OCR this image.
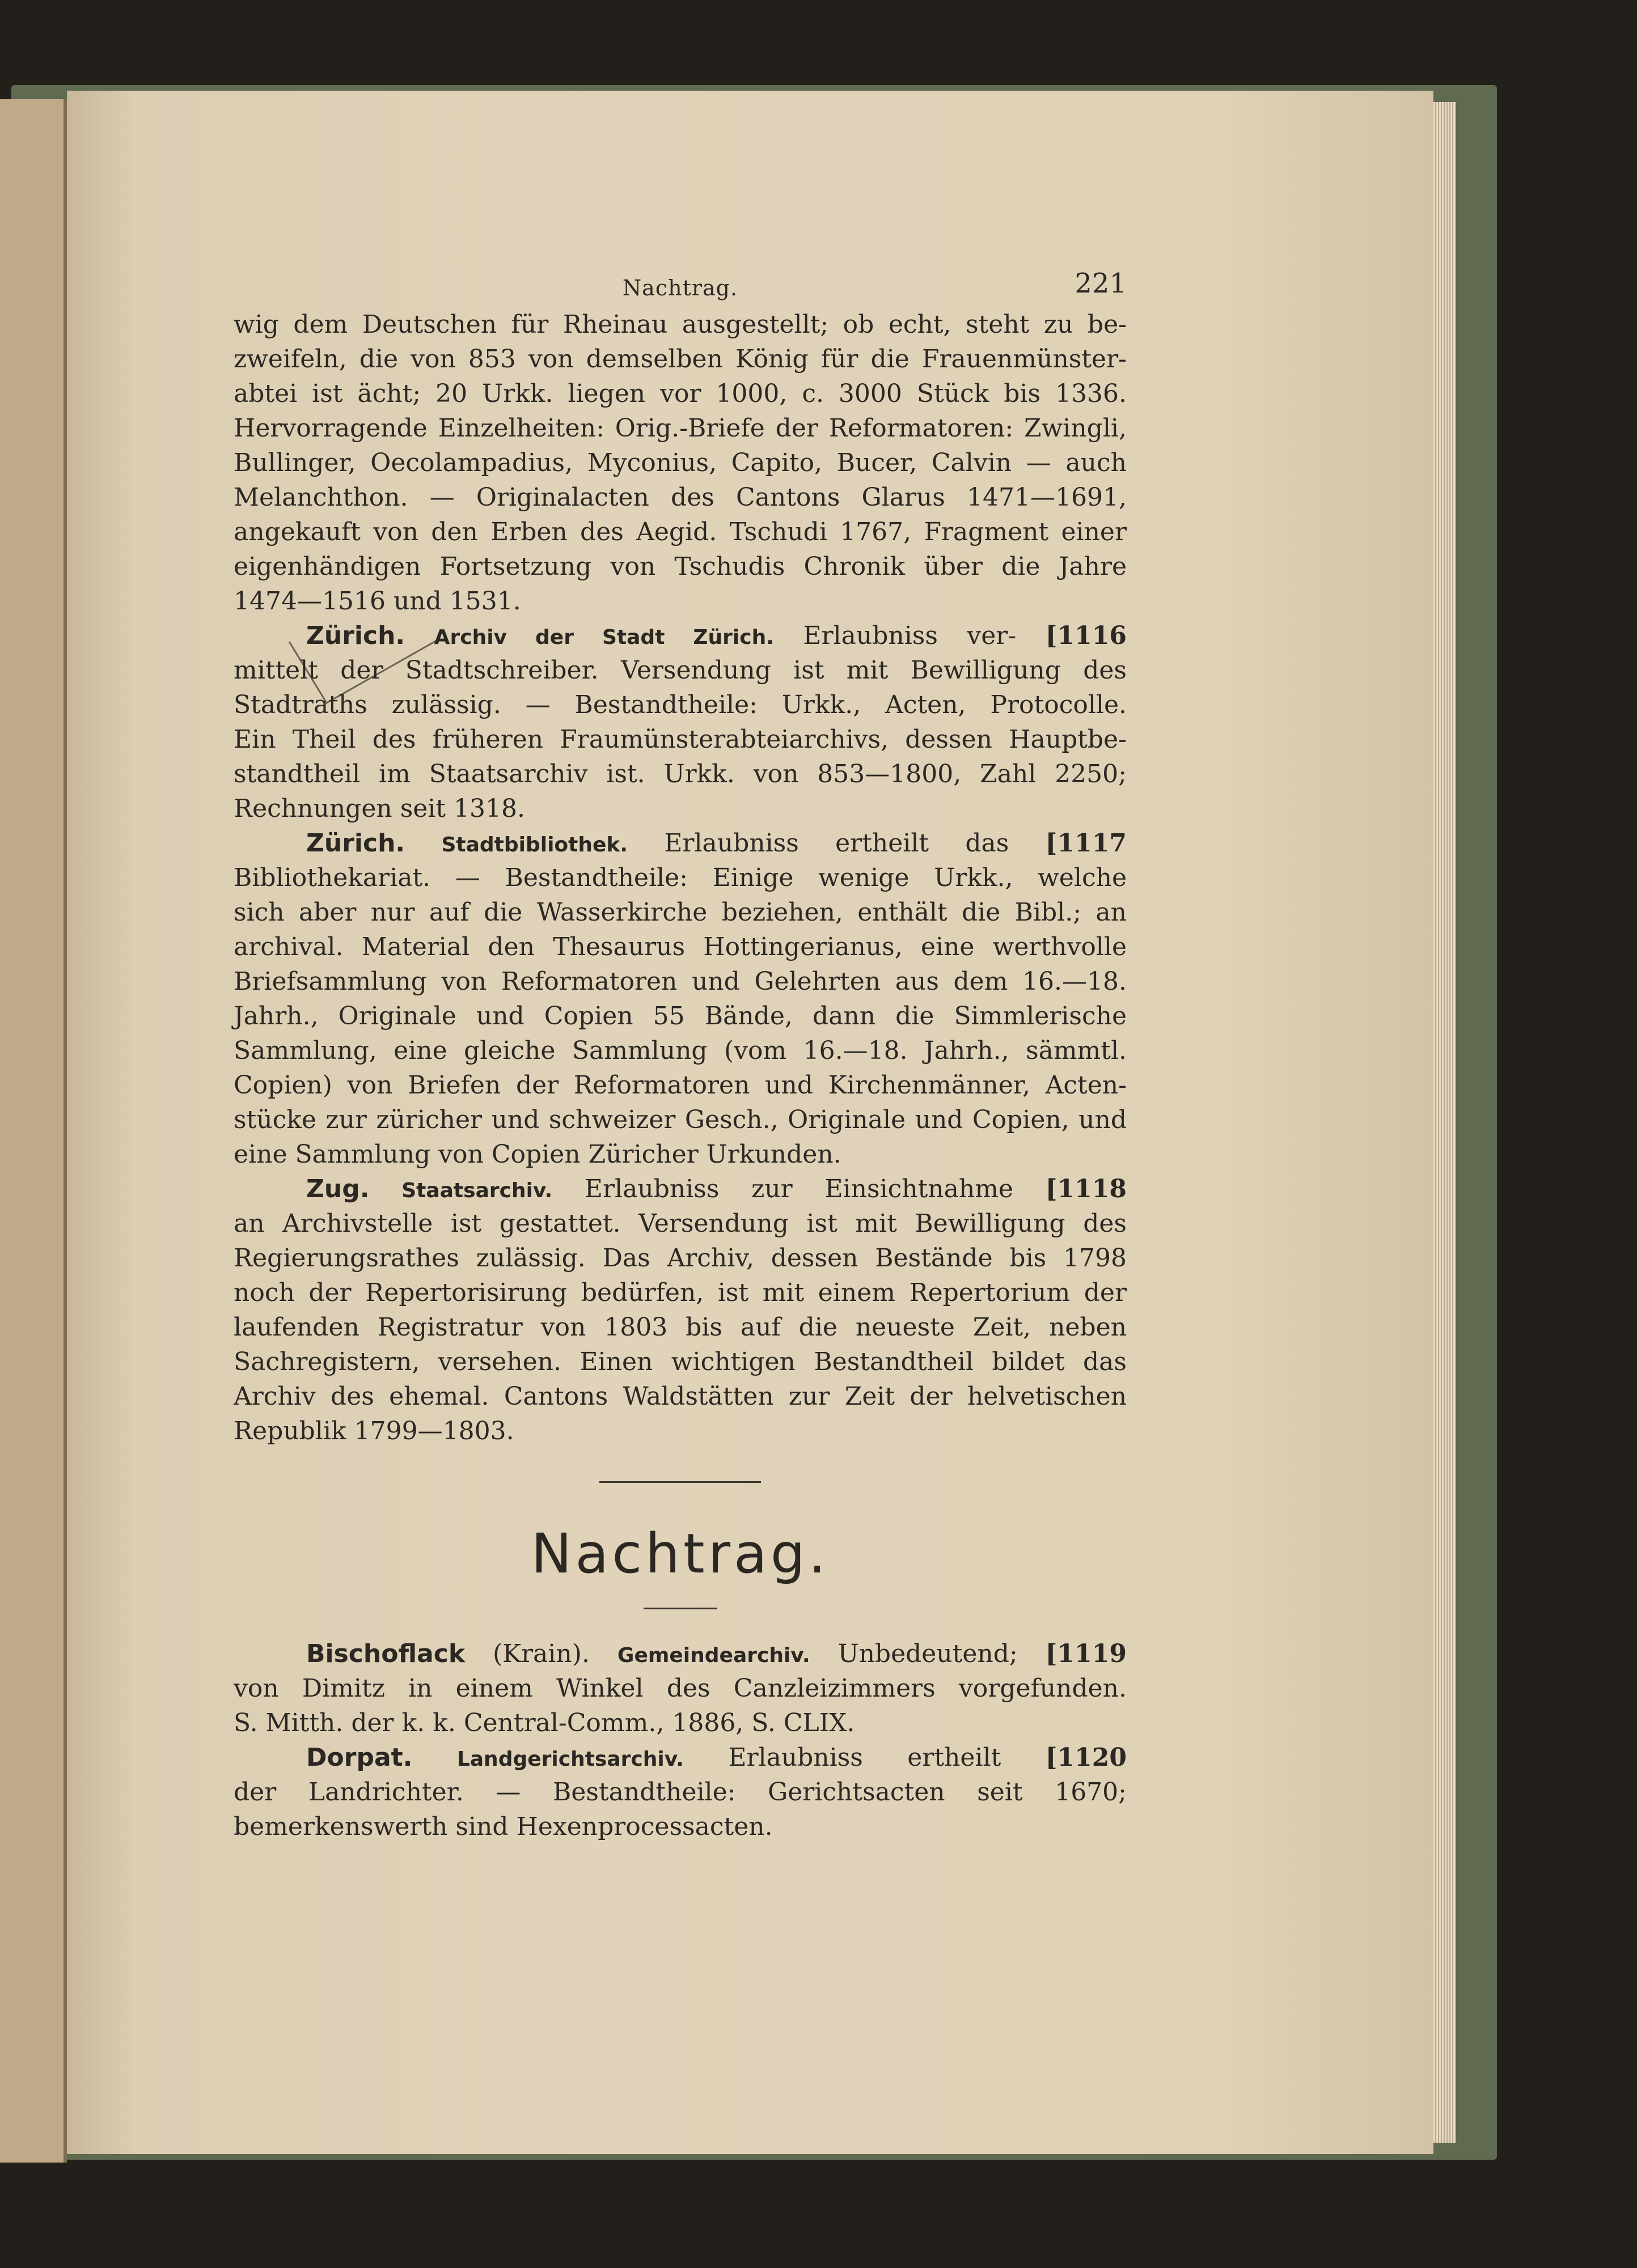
Nachtrag.	221
wig dem Deutschen für Rheinau ausgestellt; ob echt, steht zu be-
zweifeln, die von 853 von demselben König für die Frauenmünster-
abtei ist ächt; 20 Urkk. liegen vor 1000, c. 3000 Stück bis 1336.
Hervorragende Einzelheiten: Orig.-Briefe der Reformatoren: Zwingli,
Bullinger, Oecolampadius, Myconius, Capito, Bucer, Calvin — auch
Melanchthon. — Originalacten des Cantons Glarus 1471—1691,
angekauft von den Erben des Aegid. Tschudi 1767, Fragment einer
eigenhändigen Fortsetzung von Tschudis Chronik über die Jahre
1474—1516 und 1531.
Zürich. Archiv der Stadt Zürich. Erlaubniss ver- [1116
mittelt der Stadtschreiber. Versendung ist mit Bewilligung des
Stadtraths zulässig. — Bestandtheile: Urkk., Acten, Protocolle.
Ein Theil des früheren Fraumünsterabteiarchivs, dessen Hauptbe-
standtheil im Staatsarchiv ist. Urkk. von 853—1800, Zahl 2250;
Rechnungen seit 1318.
Zürich. Stadtbibliothek. Erlaubniss ertheilt das [1117
Bibliothekariat. — Bestandtheile: Einige wenige Urkk., welche
sich aber nur auf die Wasserkirche beziehen, enthält die Bibl.; an
archival. Material den Thesaurus Hottingerianus, eine werthvolle
Briefsammlung von Reformatoren und Gelehrten aus dem 16.—18.
Jahrh., Originale und Copien 55 Bände, dann die Simmlerische
Sammlung, eine gleiche Sammlung (vom 16.—18. Jahrh., sämmtl.
Copien) von Briefen der Reformatoren und Kirchenmänner, Acten-
stücke zur züricher und schweizer Gesch., Originale und Copien, und
eine Sammlung von Copien Züricher Urkunden.
Zug. Staatsarchiv. Erlaubniss zur Einsichtnahme [1118
an Archivstelle ist gestattet. Versendung ist mit Bewilligung des
Regierungsrathes zulässig. Das Archiv, dessen Bestände bis 1798
noch der Repertorisirung bedürfen, ist mit einem Repertorium der
laufenden Registratur von 1803 bis auf die neueste Zeit, neben
Sachregistern, versehen. Einen wichtigen Bestandtheil bildet das
Archiv des ehemal. Cantons Waldstätten zur Zeit der helvetischen
Republik 1799—1803.
Nachtrag.
Bischoflack (Krain). Gemeindearchiv. Unbedeutend; [1119
von Dimitz in einem Winkel des Canzleizimmers vorgefunden.
S. Mitth. der k. k. Central-Comm., 1886, S. CLIX.
Dorpat. Landgerichtsarchiv. Erlaubniss ertheilt [1120
der Landrichter. — Bestandtheile: Gerichtsacten seit 1670;
bemerkenswerth sind Hexenprocessacten.
